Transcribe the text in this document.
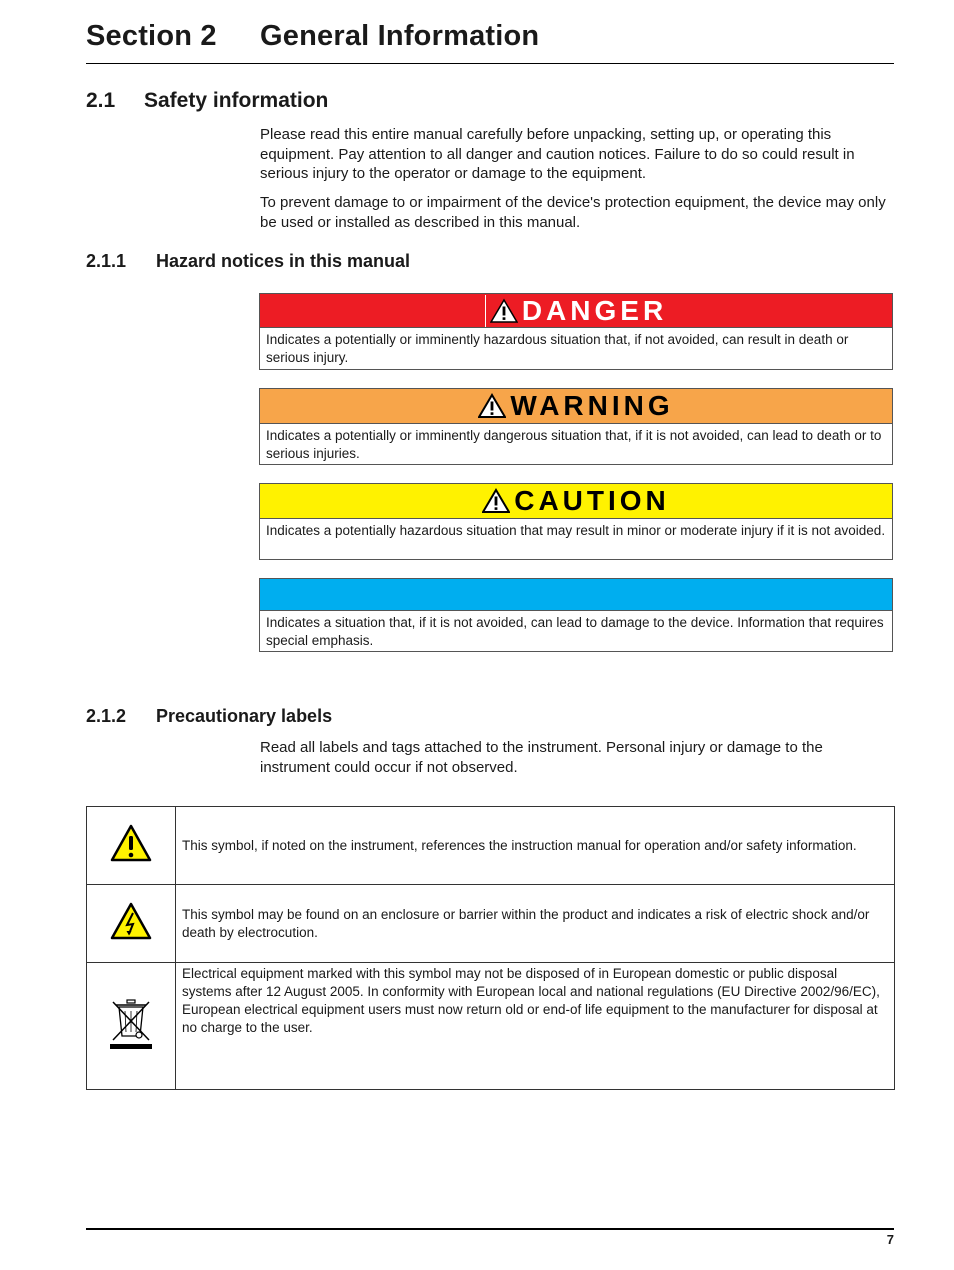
Section 2 General Information
2.1 Safety information

Please read this entire manual carefully before unpacking, setting up, or operating this equipment. Pay attention to all danger and caution notices. Failure to do so could result in serious injury to the operator or damage to the equipment.

To prevent damage to or impairment of the device's protection equipment, the device may only be used or installed as described in this manual.

2.1.1 Hazard notices in this manual
DANGER
Indicates a potentially or imminently hazardous situation that, if not avoided, can result in death or serious injury.
WARNING
Indicates a potentially or imminently dangerous situation that, if it is not avoided, can lead to death or to serious injuries.
CAUTION
Indicates a potentially hazardous situation that may result in minor or moderate injury if it is not avoided.
Indicates a situation that, if it is not avoided, can lead to damage to the device. Information that requires special emphasis.
2.1.2 Precautionary labels

Read all labels and tags attached to the instrument. Personal injury or damage to the instrument could occur if not observed.

	This symbol, if noted on the instrument, references the instruction manual for operation and/or safety information.
	This symbol may be found on an enclosure or barrier within the product and indicates a risk of electric shock and/or death by electrocution.
	Electrical equipment marked with this symbol may not be disposed of in European domestic or public disposal systems after 12 August 2005. In conformity with European local and national regulations (EU Directive 2002/96/EC), European electrical equipment users must now return old or end-of life equipment to the manufacturer for disposal at no charge to the user.
7
